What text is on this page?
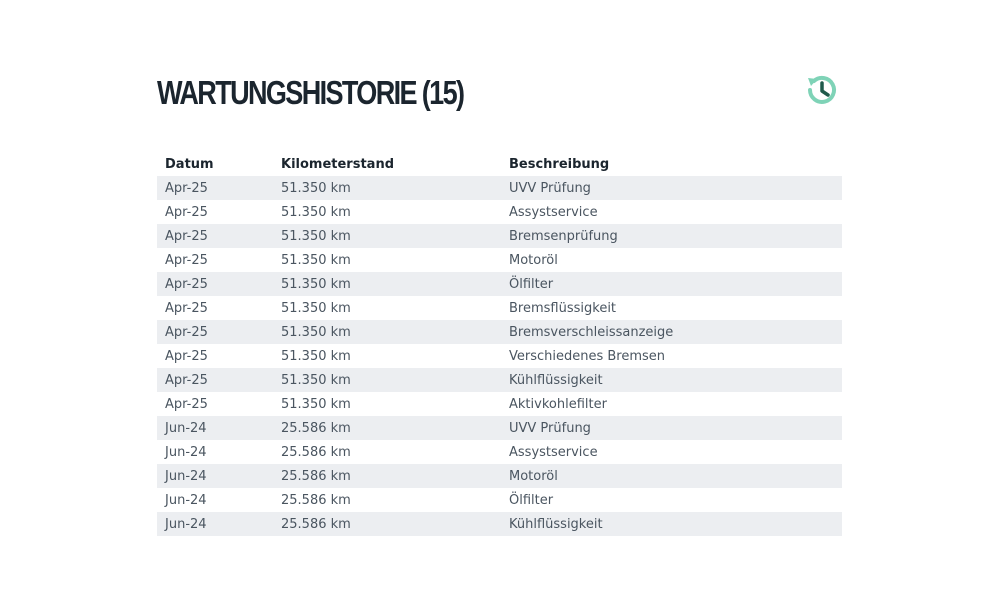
WARTUNGSHISTORIE (15)
Datum	Kilometerstand	Beschreibung
Apr-25	51.350 km	UVV Prüfung
Apr-25	51.350 km	Assystservice
Apr-25	51.350 km	Bremsenprüfung
Apr-25	51.350 km	Motoröl
Apr-25	51.350 km	Ölfilter
Apr-25	51.350 km	Bremsflüssigkeit
Apr-25	51.350 km	Bremsverschleissanzeige
Apr-25	51.350 km	Verschiedenes Bremsen
Apr-25	51.350 km	Kühlflüssigkeit
Apr-25	51.350 km	Aktivkohlefilter
Jun-24	25.586 km	UVV Prüfung
Jun-24	25.586 km	Assystservice
Jun-24	25.586 km	Motoröl
Jun-24	25.586 km	Ölfilter
Jun-24	25.586 km	Kühlflüssigkeit
